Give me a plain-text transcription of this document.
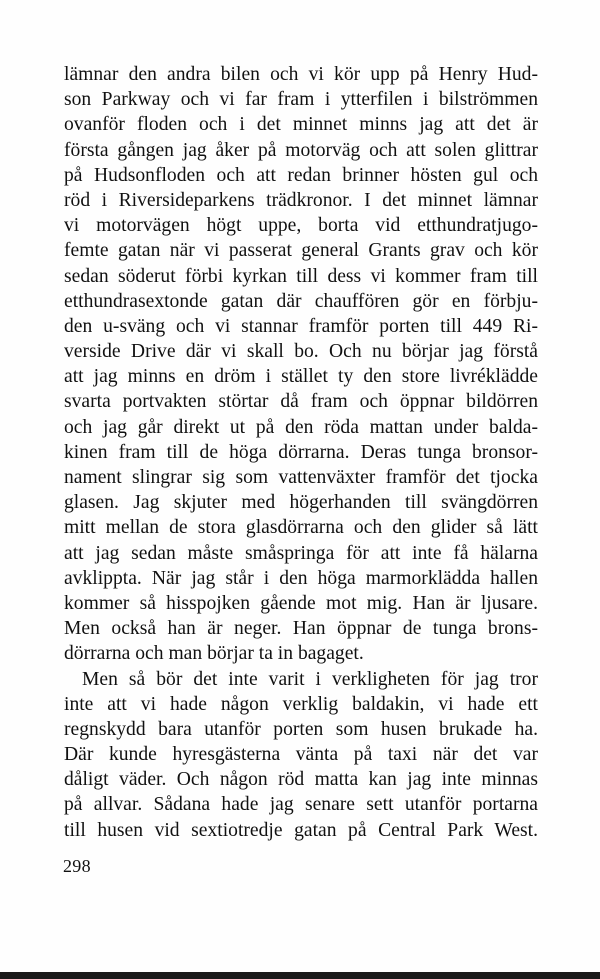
lämnar den andra bilen och vi kör upp på Henry Hud-
son Parkway och vi far fram i ytterfilen i bilströmmen
ovanför floden och i det minnet minns jag att det är
första gången jag åker på motorväg och att solen glittrar
på Hudsonfloden och att redan brinner hösten gul och
röd i Riversideparkens trädkronor. I det minnet lämnar
vi motorvägen högt uppe, borta vid etthundratjugo-
femte gatan när vi passerat general Grants grav och kör
sedan söderut förbi kyrkan till dess vi kommer fram till
etthundrasextonde gatan där chauffören gör en förbju-
den u-sväng och vi stannar framför porten till 449 Ri-
verside Drive där vi skall bo. Och nu börjar jag förstå
att jag minns en dröm i stället ty den store livrékläddе
svarta portvakten störtar då fram och öppnar bildörren
och jag går direkt ut på den röda mattan under balda-
kinen fram till de höga dörrarna. Deras tunga bronsor-
nament slingrar sig som vattenväxter framför det tjocka
glasen. Jag skjuter med högerhanden till svängdörren
mitt mellan de stora glasdörrarna och den glider så lätt
att jag sedan måste småspringa för att inte få hälarna
avklippta. När jag står i den höga marmorklädda hallen
kommer så hisspojken gående mot mig. Han är ljusare.
Men också han är neger. Han öppnar de tunga brons-
dörrarna och man börjar ta in bagaget.
Men så bör det inte varit i verkligheten för jag tror
inte att vi hade någon verklig baldakin, vi hade ett
regnskydd bara utanför porten som husen brukade ha.
Där kunde hyresgästerna vänta på taxi när det var
dåligt väder. Och någon röd matta kan jag inte minnas
på allvar. Sådana hade jag senare sett utanför portarna
till husen vid sextiotredje gatan på Central Park West.
298
